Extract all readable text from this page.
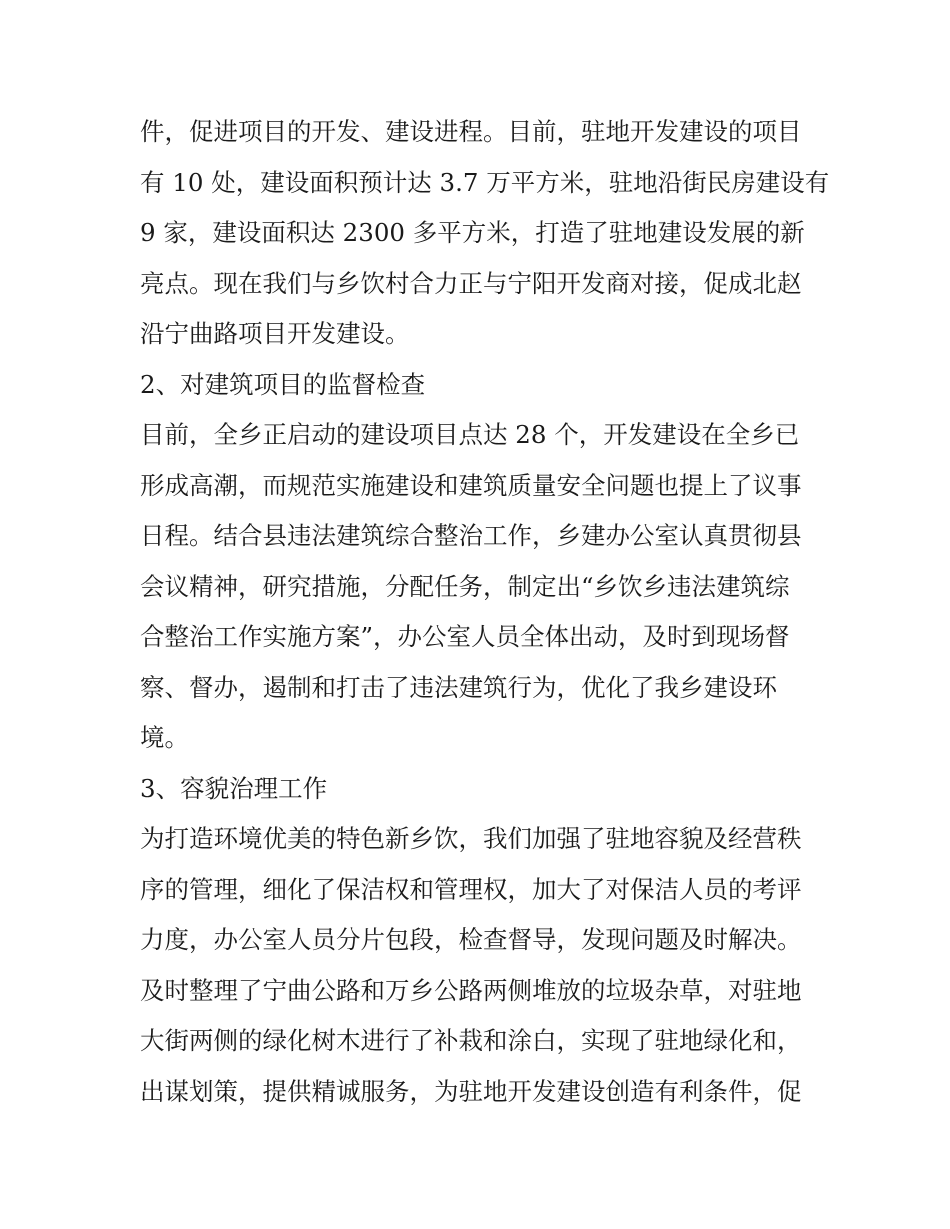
件，促进项目的开发、建设进程。目前，驻地开发建设的项目
有 10 处，建设面积预计达 3.7 万平方米，驻地沿街民房建设有
9 家，建设面积达 2300 多平方米，打造了驻地建设发展的新
亮点。现在我们与乡饮村合力正与宁阳开发商对接，促成北赵
沿宁曲路项目开发建设。
2、对建筑项目的监督检查
目前，全乡正启动的建设项目点达 28 个，开发建设在全乡已
形成高潮，而规范实施建设和建筑质量安全问题也提上了议事
日程。结合县违法建筑综合整治工作，乡建办公室认真贯彻县
会议精神，研究措施，分配任务，制定出“乡饮乡违法建筑综
合整治工作实施方案”，办公室人员全体出动，及时到现场督
察、督办，遏制和打击了违法建筑行为，优化了我乡建设环
境。
3、容貌治理工作
为打造环境优美的特色新乡饮，我们加强了驻地容貌及经营秩
序的管理，细化了保洁权和管理权，加大了对保洁人员的考评
力度，办公室人员分片包段，检查督导，发现问题及时解决。
及时整理了宁曲公路和万乡公路两侧堆放的垃圾杂草，对驻地
大街两侧的绿化树木进行了补栽和涂白，实现了驻地绿化和，
出谋划策，提供精诚服务，为驻地开发建设创造有利条件，促
